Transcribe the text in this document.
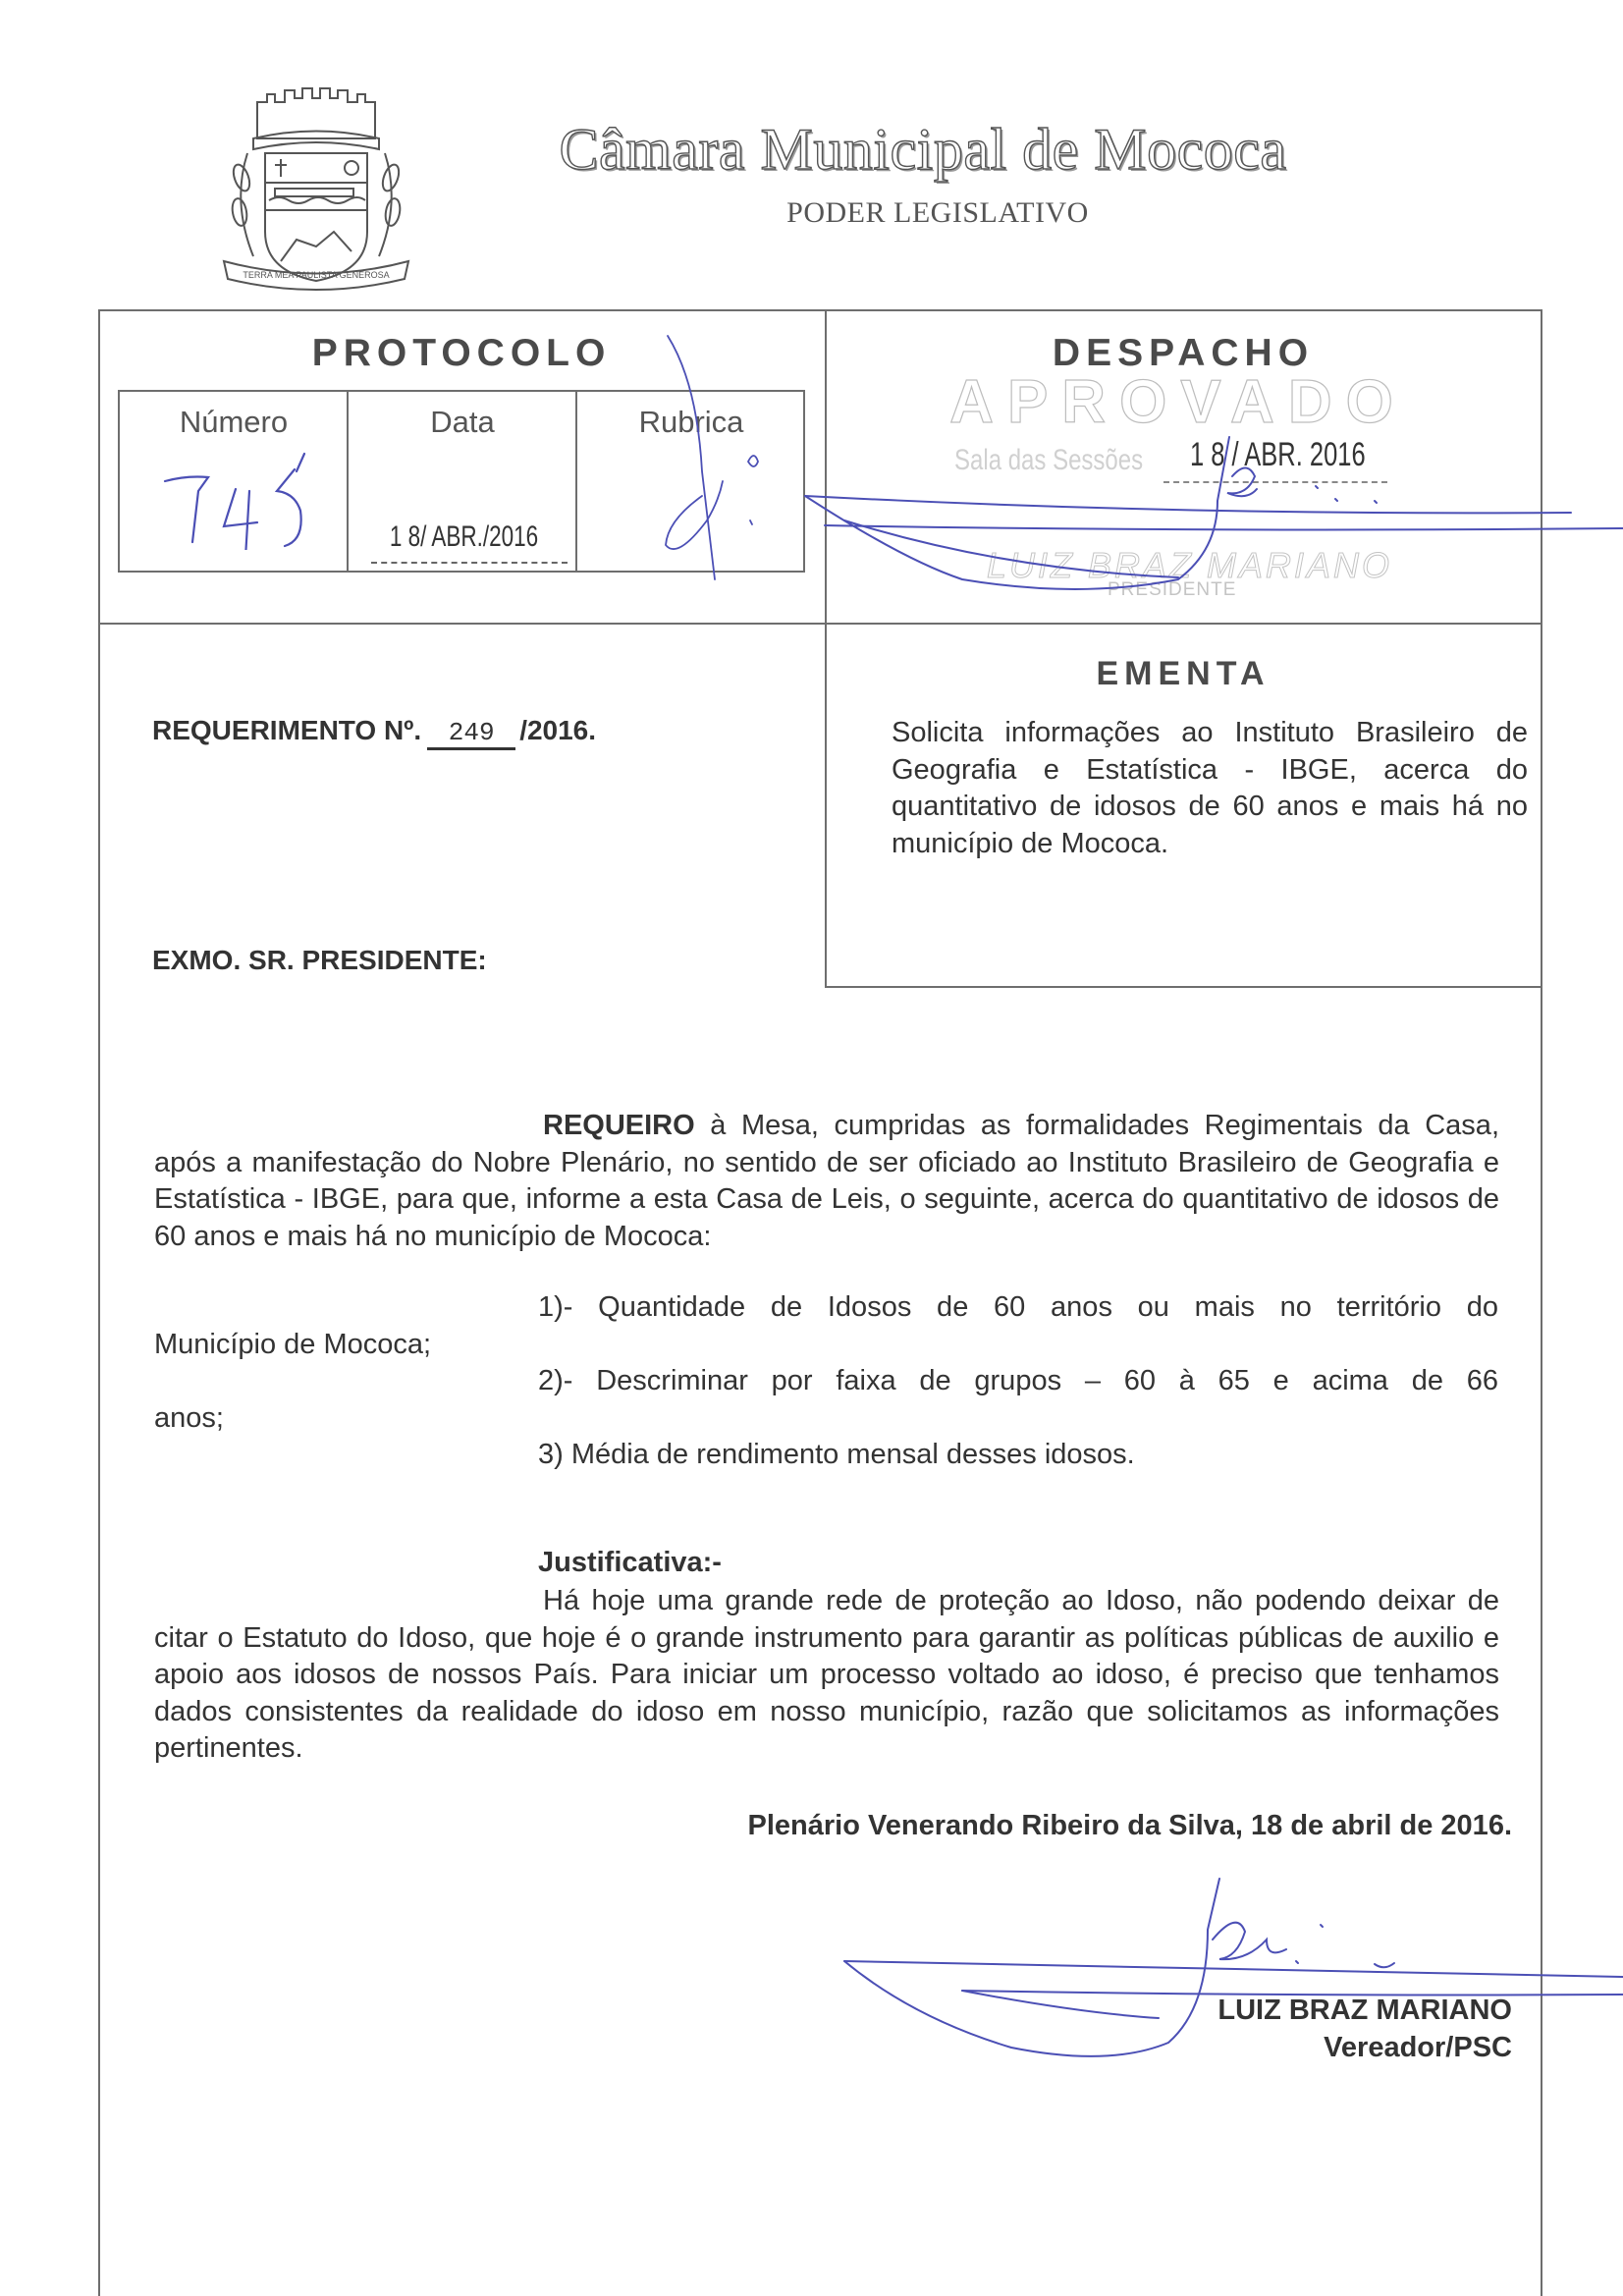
TERRA MEA PAULISTA GENEROSA
Câmara Municipal de Mococa
PODER LEGISLATIVO
PROTOCOLO
Número	Data	Rubrica
1 8/ ABR./2016
DESPACHO
APROVADO
Sala das Sessões 1 8 / ABR. 2016
LUIZ BRAZ MARIANO
PRESIDENTE
REQUERIMENTO Nº. 249 /2016.
EXMO. SR. PRESIDENTE:
EMENTA
Solicita informações ao Instituto Brasileiro de Geografia e Estatística - IBGE, acerca do quantitativo de idosos de 60 anos e mais há no município de Mococa.
REQUEIRO à Mesa, cumpridas as formalidades Regimentais da Casa, após a manifestação do Nobre Plenário, no sentido de ser oficiado ao Instituto Brasileiro de Geografia e Estatística - IBGE, para que, informe a esta Casa de Leis, o seguinte, acerca do quantitativo de idosos de 60 anos e mais há no município de Mococa:
1)- Quantidade de Idosos de 60 anos ou mais no território do
Município de Mococa;
2)- Descriminar por faixa de grupos – 60 à 65 e acima de 66
anos;
3) Média de rendimento mensal desses idosos.
Justificativa:-
Há hoje uma grande rede de proteção ao Idoso, não podendo deixar de citar o Estatuto do Idoso, que hoje é o grande instrumento para garantir as políticas públicas de auxilio e apoio aos idosos de nossos País. Para iniciar um processo voltado ao idoso, é preciso que tenhamos dados consistentes da realidade do idoso em nosso município, razão que solicitamos as informações pertinentes.
Plenário Venerando Ribeiro da Silva, 18 de abril de 2016.
LUIZ BRAZ MARIANO
Vereador/PSC
